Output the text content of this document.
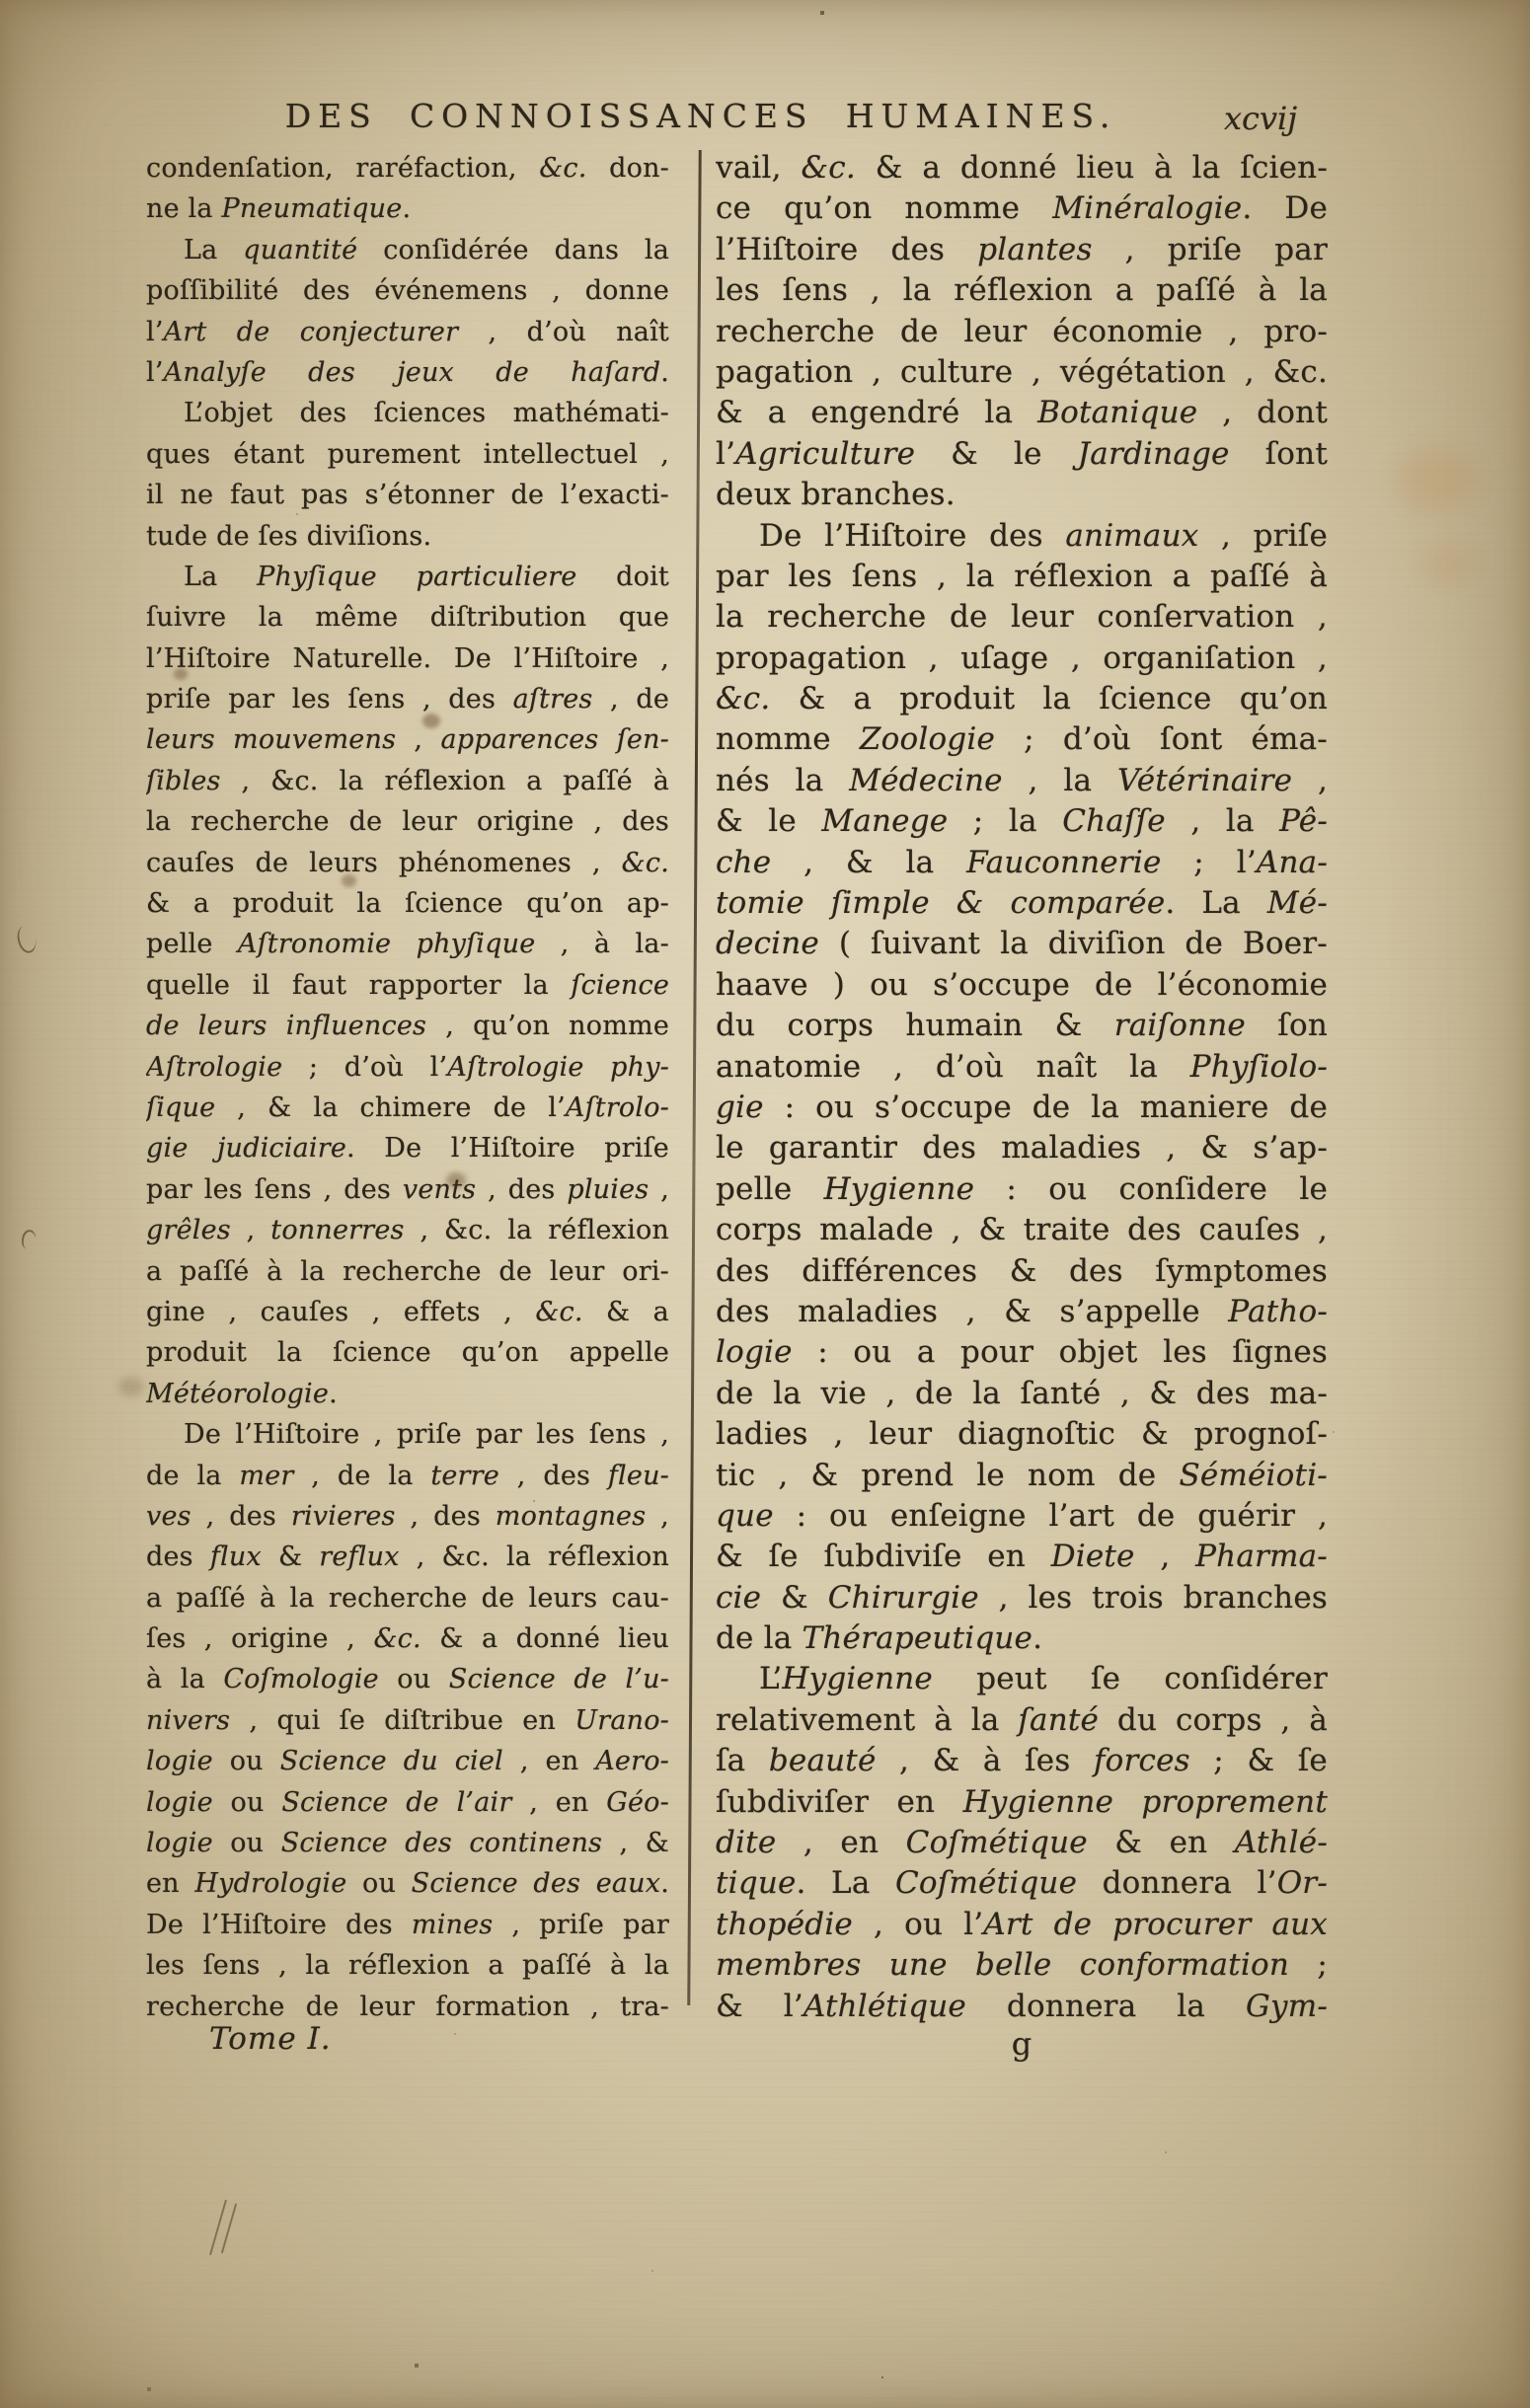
DES CONNOISSANCES HUMAINES.	xcvij
condenſation, raréfaction, &c. don-
ne la Pneumatique.
La quantité conſidérée dans la
poſſibilité des événemens , donne
l’Art de conjecturer , d’où naît
l’Analyſe des jeux de haſard.
L’objet des ſciences mathémati-
ques étant purement intellectuel ,
il ne faut pas s’étonner de l’exacti-
tude de ſes diviſions.
La Phyſique particuliere doit
ſuivre la même diſtribution que
l’Hiſtoire Naturelle. De l’Hiſtoire ,
priſe par les ſens , des aſtres , de
leurs mouvemens , apparences ſen-
ſibles , &c. la réflexion a paſſé à
la recherche de leur origine , des
cauſes de leurs phénomenes , &c.
& a produit la ſcience qu’on ap-
pelle Aſtronomie phyſique , à la-
quelle il faut rapporter la ſcience
de leurs influences , qu’on nomme
Aſtrologie ; d’où l’Aſtrologie phy-
ſique , & la chimere de l’Aſtrolo-
gie judiciaire. De l’Hiſtoire priſe
par les ſens , des vents , des pluies ,
grêles , tonnerres , &c. la réflexion
a paſſé à la recherche de leur ori-
gine , cauſes , effets , &c. & a
produit la ſcience qu’on appelle
Météorologie.
De l’Hiſtoire , priſe par les ſens ,
de la mer , de la terre , des fleu-
ves , des rivieres , des montagnes ,
des flux & reflux , &c. la réflexion
a paſſé à la recherche de leurs cau-
ſes , origine , &c. & a donné lieu
à la Coſmologie ou Science de l’u-
nivers , qui ſe diſtribue en Urano-
logie ou Science du ciel , en Aero-
logie ou Science de l’air , en Géo-
logie ou Science des continens , &
en Hydrologie ou Science des eaux.
De l’Hiſtoire des mines , priſe par
les ſens , la réflexion a paſſé à la
recherche de leur formation , tra-
vail, &c. & a donné lieu à la ſcien-
ce qu’on nomme Minéralogie. De
l’Hiſtoire des plantes , priſe par
les ſens , la réflexion a paſſé à la
recherche de leur économie , pro-
pagation , culture , végétation , &c.
& a engendré la Botanique , dont
l’Agriculture & le Jardinage ſont
deux branches.
De l’Hiſtoire des animaux , priſe
par les ſens , la réflexion a paſſé à
la recherche de leur conſervation ,
propagation , uſage , organiſation ,
&c. & a produit la ſcience qu’on
nomme Zoologie ; d’où ſont éma-
nés la Médecine , la Vétérinaire ,
& le Manege ; la Chaſſe , la Pê-
che , & la Fauconnerie ; l’Ana-
tomie ſimple & comparée. La Mé-
decine ( ſuivant la diviſion de Boer-
haave ) ou s’occupe de l’économie
du corps humain & raiſonne ſon
anatomie , d’où naît la Phyſiolo-
gie : ou s’occupe de la maniere de
le garantir des maladies , & s’ap-
pelle Hygienne : ou conſidere le
corps malade , & traite des cauſes ,
des différences & des ſymptomes
des maladies , & s’appelle Patho-
logie : ou a pour objet les ſignes
de la vie , de la ſanté , & des ma-
ladies , leur diagnoſtic & prognoſ-
tic , & prend le nom de Séméioti-
que : ou enſeigne l’art de guérir ,
& ſe ſubdiviſe en Diete , Pharma-
cie & Chirurgie , les trois branches
de la Thérapeutique.
L’Hygienne peut ſe conſidérer
relativement à la ſanté du corps , à
ſa beauté , & à ſes forces ; & ſe
ſubdiviſer en Hygienne proprement
dite , en Coſmétique & en Athlé-
tique. La Coſmétique donnera l’Or-
thopédie , ou l’Art de procurer aux
membres une belle conformation ;
& l’Athlétique donnera la Gym-
Tome I.	g
